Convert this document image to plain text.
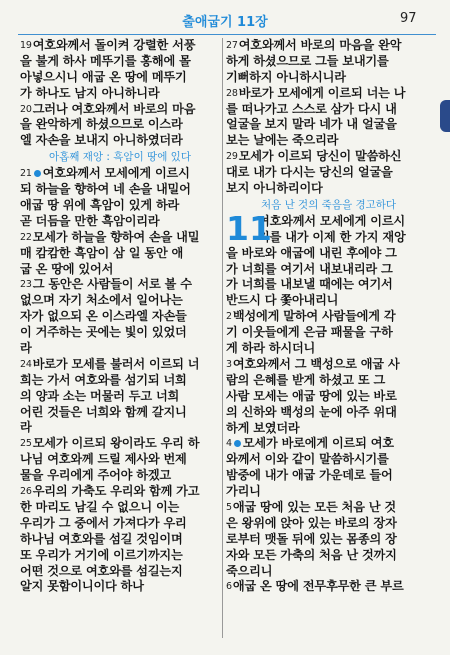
출애굽기 11장	97
19여호와께서 돌이켜 강렬한 서풍
을 불게 하사 메뚜기를 홍해에 몰
아넣으시니 애굽 온 땅에 메뚜기
가 하나도 남지 아니하니라
20그러나 여호와께서 바로의 마음
을 완악하게 하셨으므로 이스라
엘 자손을 보내지 아니하였더라
아홉째 재앙 : 흑암이 땅에 있다
21 여호와께서 모세에게 이르시
되 하늘을 향하여 네 손을 내밀어
애굽 땅 위에 흑암이 있게 하라
곧 더듬을 만한 흑암이리라
22모세가 하늘을 향하여 손을 내밀
매 캄캄한 흑암이 삼 일 동안 애
굽 온 땅에 있어서
23그 동안은 사람들이 서로 볼 수
없으며 자기 처소에서 일어나는
자가 없으되 온 이스라엘 자손들
이 거주하는 곳에는 빛이 있었더
라
24바로가 모세를 불러서 이르되 너
희는 가서 여호와를 섬기되 너희
의 양과 소는 머물러 두고 너희
어린 것들은 너희와 함께 갈지니
라
25모세가 이르되 왕이라도 우리 하
나님 여호와께 드릴 제사와 번제
물을 우리에게 주어야 하겠고
26우리의 가축도 우리와 함께 가고
한 마리도 남길 수 없으니 이는
우리가 그 중에서 가져다가 우리
하나님 여호와를 섬길 것임이며
또 우리가 거기에 이르기까지는
어떤 것으로 여호와를 섬길는지
알지 못함이니이다 하나
27여호와께서 바로의 마음을 완악
하게 하셨으므로 그들 보내기를
기뻐하지 아니하시니라
28바로가 모세에게 이르되 너는 나
를 떠나가고 스스로 삼가 다시 내
얼굴을 보지 말라 네가 내 얼굴을
보는 날에는 죽으리라
29모세가 이르되 당신이 말씀하신
대로 내가 다시는 당신의 얼굴을
보지 아니하리이다
처음 난 것의 죽음을 경고하다
11
여호와께서 모세에게 이르시
기를 내가 이제 한 가지 재앙
을 바로와 애굽에 내린 후에야 그
가 너희를 여기서 내보내리라 그
가 너희를 내보낼 때에는 여기서
반드시 다 쫓아내리니
2백성에게 말하여 사람들에게 각
기 이웃들에게 은금 패물을 구하
게 하라 하시더니
3여호와께서 그 백성으로 애굽 사
람의 은혜를 받게 하셨고 또 그
사람 모세는 애굽 땅에 있는 바로
의 신하와 백성의 눈에 아주 위대
하게 보였더라
4 모세가 바로에게 이르되 여호
와께서 이와 같이 말씀하시기를
밤중에 내가 애굽 가운데로 들어
가리니
5애굽 땅에 있는 모든 처음 난 것
은 왕위에 앉아 있는 바로의 장자
로부터 맷돌 뒤에 있는 몸종의 장
자와 모든 가축의 처음 난 것까지
죽으리니
6애굽 온 땅에 전무후무한 큰 부르
